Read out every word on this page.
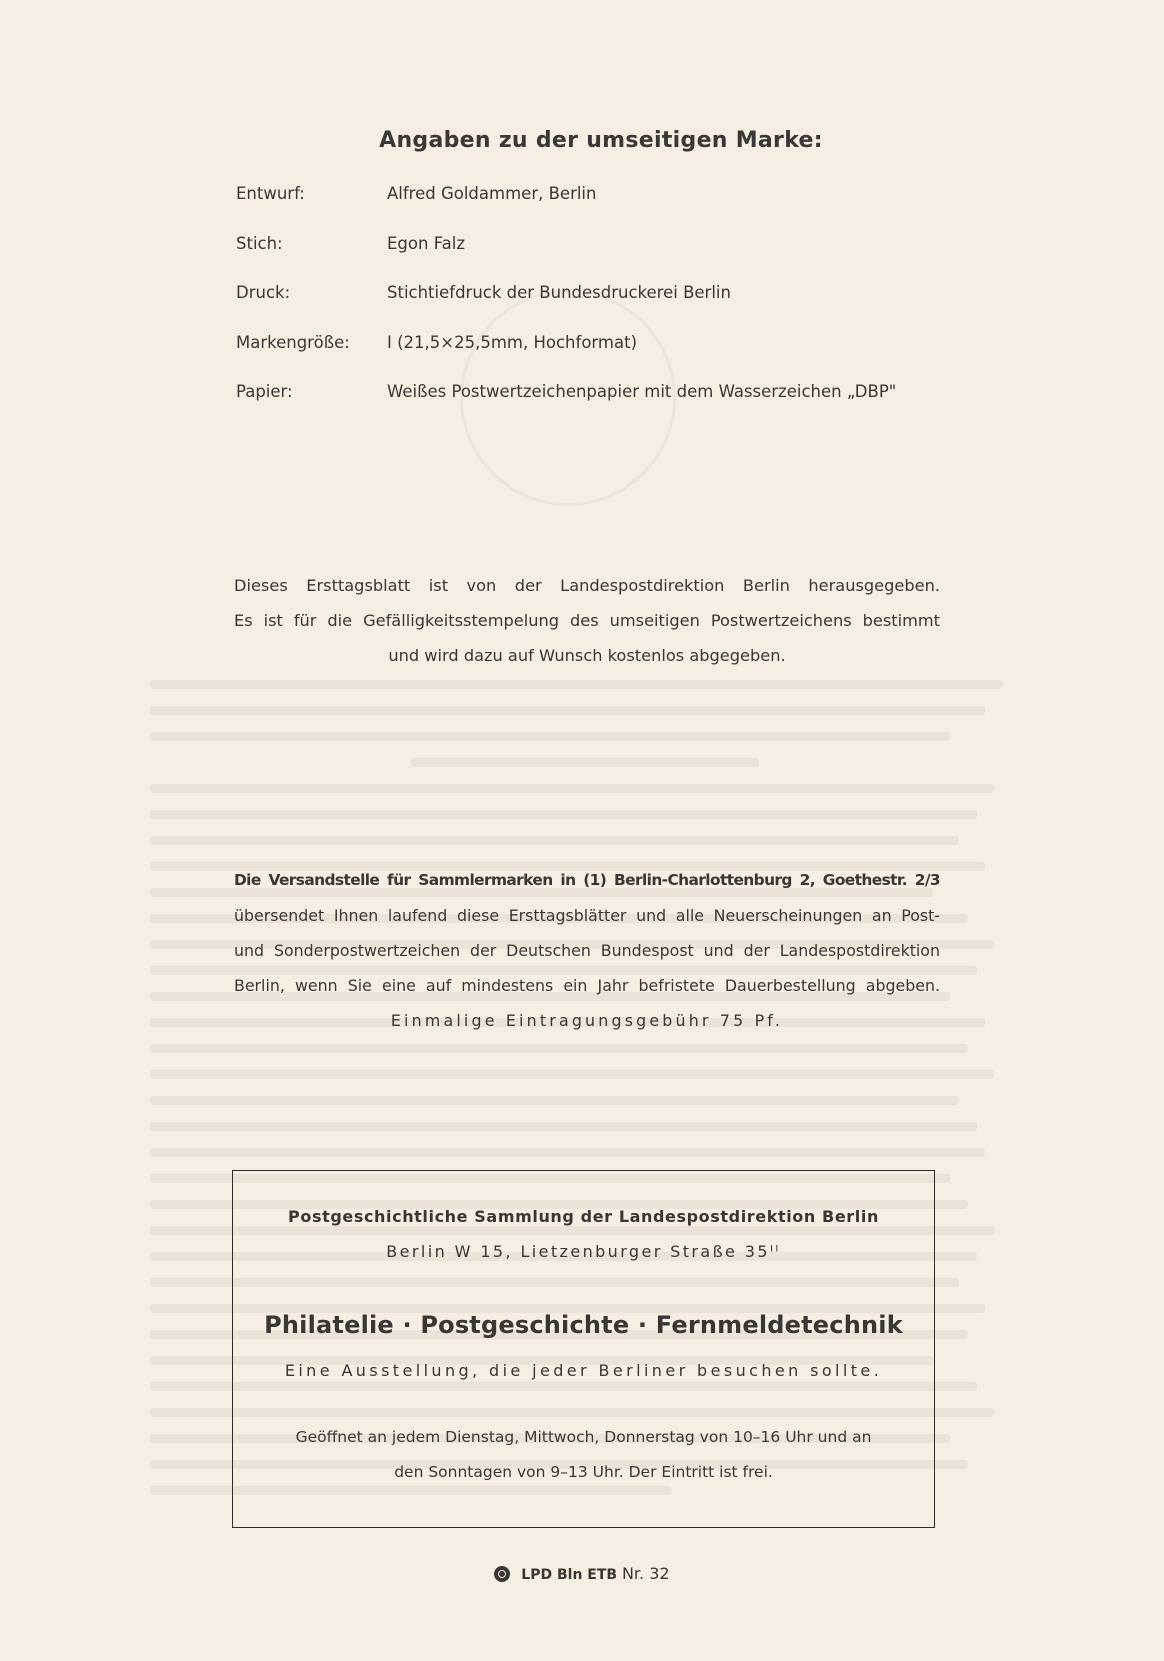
Angaben zu der umseitigen Marke:
Entwurf:	Alfred Goldammer, Berlin
Stich:	Egon Falz
Druck:	Stichtiefdruck der Bundesdruckerei Berlin
Markengröße:	I (21,5×25,5mm, Hochformat)
Papier:	Weißes Postwertzeichenpapier mit dem Wasserzeichen „DBP"
Dieses Ersttagsblatt ist von der Landespostdirektion Berlin herausgegeben.
Es ist für die Gefälligkeitsstempelung des umseitigen Postwertzeichens bestimmt
und wird dazu auf Wunsch kostenlos abgegeben.
Die Versandstelle für Sammlermarken in (1) Berlin-Charlottenburg 2, Goethestr. 2/3
übersendet Ihnen laufend diese Ersttagsblätter und alle Neuerscheinungen an Post-
und Sonderpostwertzeichen der Deutschen Bundespost und der Landespostdirektion
Berlin, wenn Sie eine auf mindestens ein Jahr befristete Dauerbestellung abgeben.
Einmalige Eintragungsgebühr 75 Pf.
Postgeschichtliche Sammlung der Landespostdirektion Berlin
Berlin W 15, Lietzenburger Straße 35ᴵᴵ
Philatelie · Postgeschichte · Fernmeldetechnik
Eine Ausstellung, die jeder Berliner besuchen sollte.
Geöffnet an jedem Dienstag, Mittwoch, Donnerstag von 10–16 Uhr und an
den Sonntagen von 9–13 Uhr. Der Eintritt ist frei.
LPD Bln ETB Nr. 32
